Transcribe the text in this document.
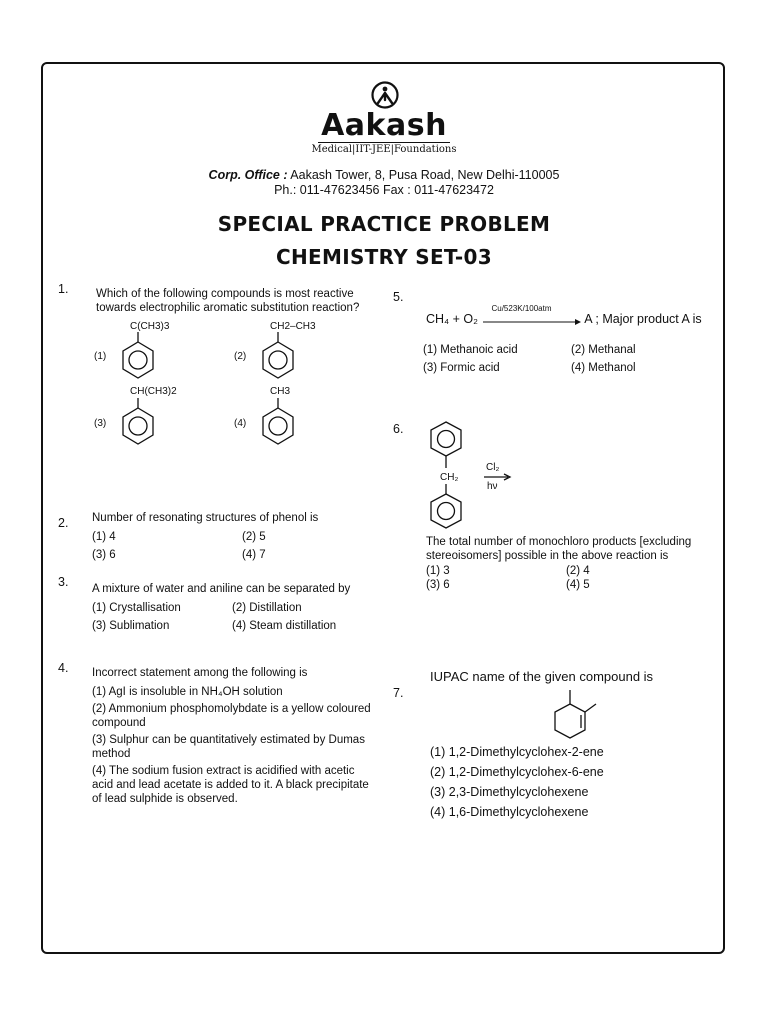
Aakash
Medical|IIT-JEE|Foundations
Corp. Office : Aakash Tower, 8, Pusa Road, New Delhi-110005
Ph.: 011-47623456 Fax : 011-47623472
SPECIAL PRACTICE PROBLEM
CHEMISTRY SET-03
1. Which of the following compounds is most reactive towards electrophilic aromatic substitution reaction?
(1)	(2)
(3)	(4)
C(CH3)3	CH2–CH3
CH(CH3)2	CH3
2. Number of resonating structures of phenol is
(1) 4	(2) 5
(3) 6	(4) 7
3. A mixture of water and aniline can be separated by
(1) Crystallisation	(2) Distillation
(3) Sublimation	(4) Steam distillation
4. Incorrect statement among the following is
(1) AgI is insoluble in NH₄OH solution
(2) Ammonium phosphomolybdate is a yellow coloured compound
(3) Sulphur can be quantitatively estimated by Dumas method
(4) The sodium fusion extract is acidified with acetic acid and lead acetate is added to it. A black precipitate of lead sulphide is observed.
5.
CH₄ + O₂
Cu/523K/100atm
A ; Major product A is
(1) Methanoic acid	(2) Methanal
(3) Formic acid	(4) Methanol
6.
CH₂
Cl₂
hν
The total number of monochloro products [excluding stereoisomers] possible in the above reaction is
(1) 3	(2) 4
(3) 6	(4) 5
7.
IUPAC name of the given compound is
(1) 1,2-Dimethylcyclohex-2-ene
(2) 1,2-Dimethylcyclohex-6-ene
(3) 2,3-Dimethylcyclohexene
(4) 1,6-Dimethylcyclohexene
